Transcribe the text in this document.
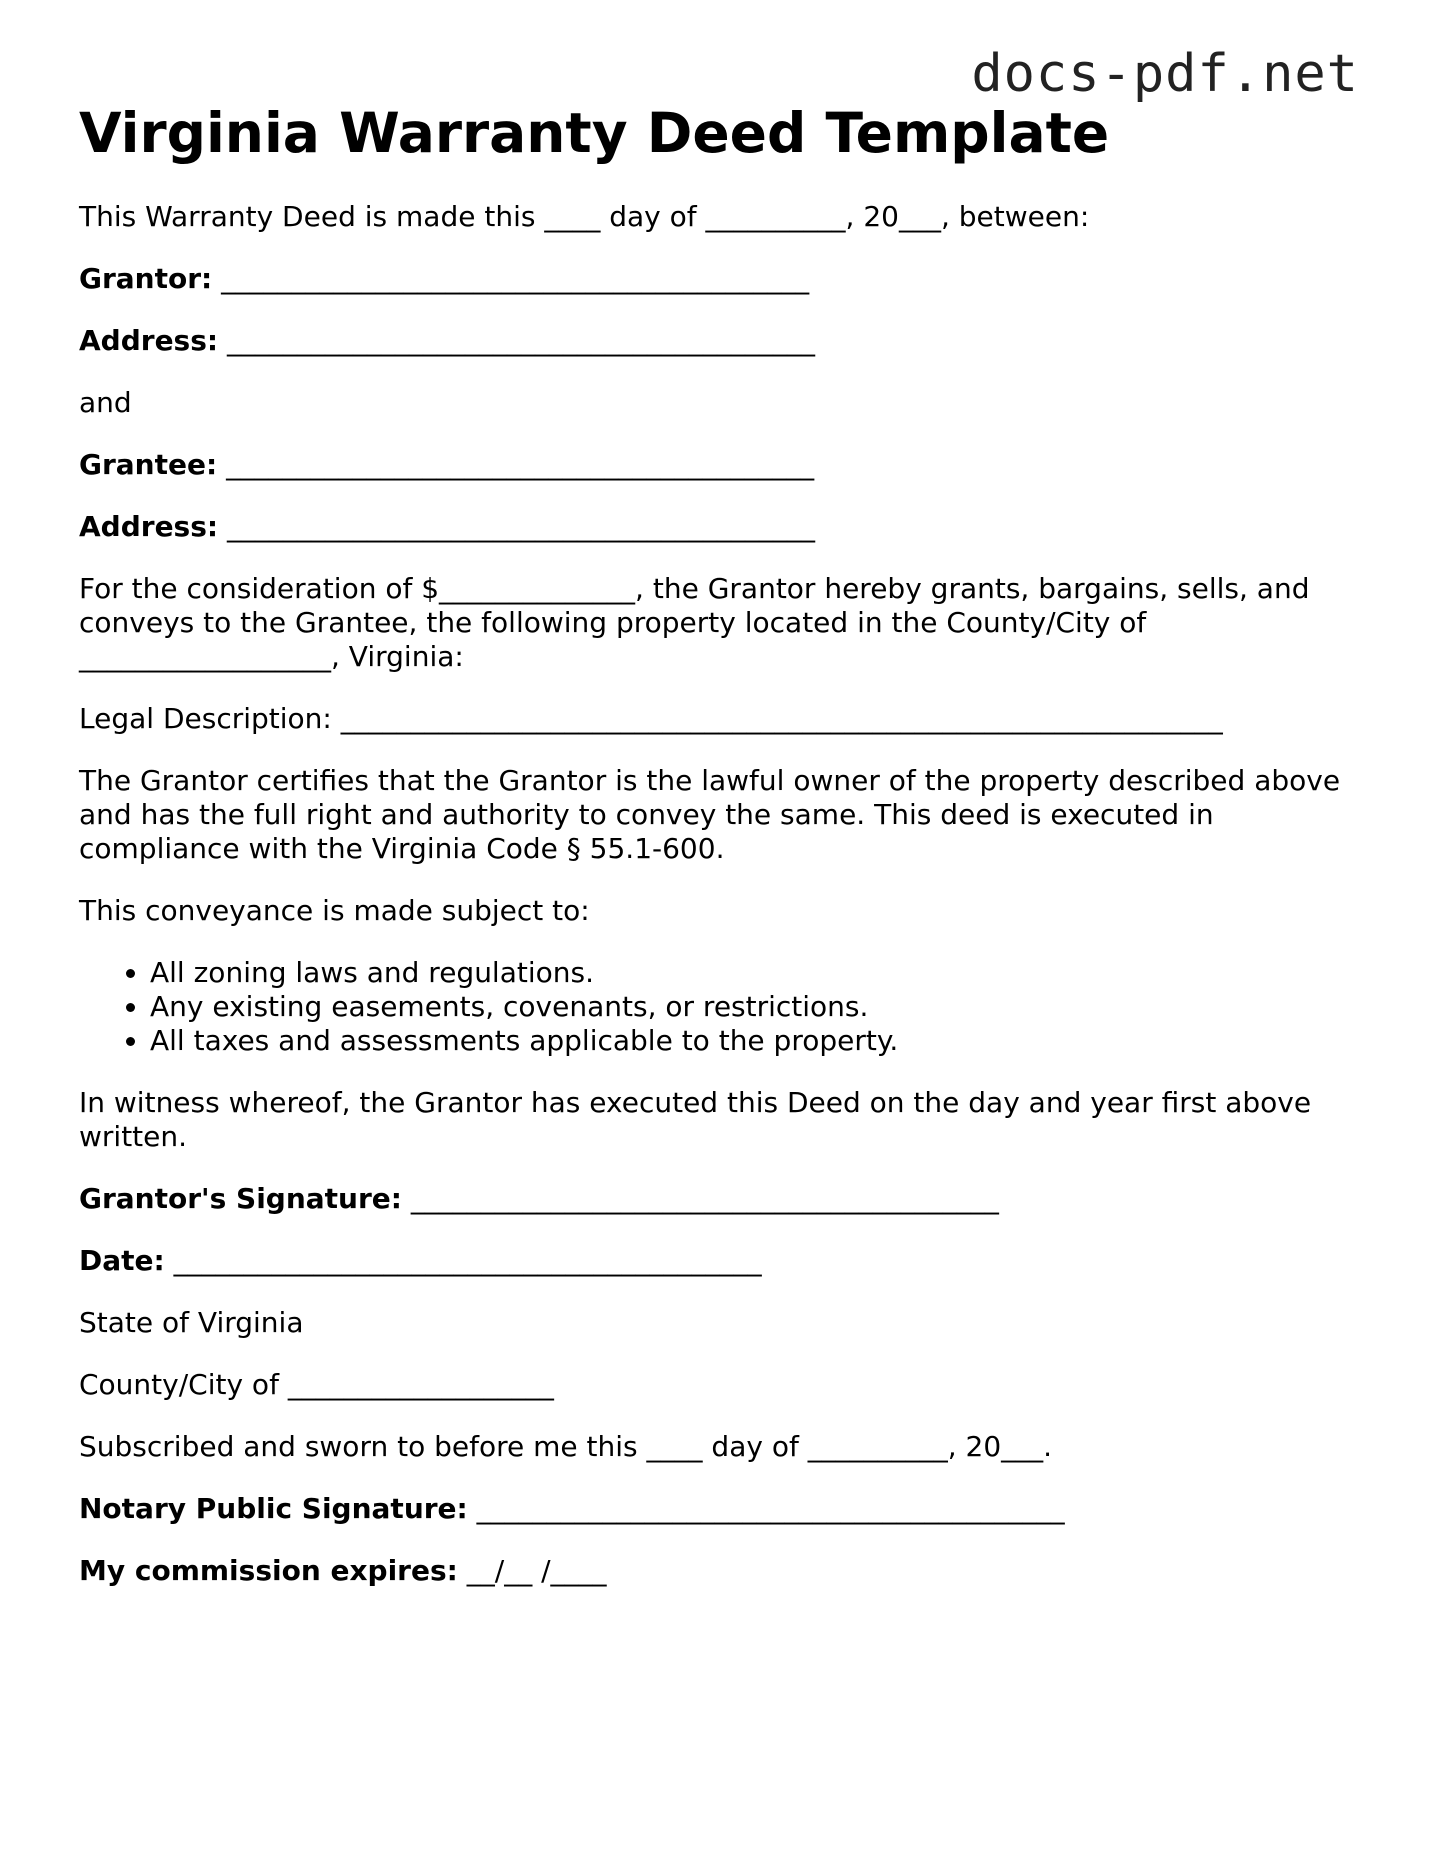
docs-pdf.net
Virginia Warranty Deed Template

This Warranty Deed is made this ____ day of __________, 20___, between:

Grantor: __________________________________________

Address: __________________________________________

and

Grantee: __________________________________________

Address: __________________________________________

For the consideration of $______________, the Grantor hereby grants, bargains, sells, and conveys to the Grantee, the following property located in the County/City of __________________, Virginia:

Legal Description: _______________________________________________________________

The Grantor certifies that the Grantor is the lawful owner of the property described above and has the full right and authority to convey the same. This deed is executed in compliance with the Virginia Code § 55.1-600.

This conveyance is made subject to:

• All zoning laws and regulations.
• Any existing easements, covenants, or restrictions.
• All taxes and assessments applicable to the property.

In witness whereof, the Grantor has executed this Deed on the day and year first above written.

Grantor's Signature: __________________________________________

Date: __________________________________________

State of Virginia

County/City of ___________________

Subscribed and sworn to before me this ____ day of __________, 20___.

Notary Public Signature: __________________________________________

My commission expires: __/__ /____
